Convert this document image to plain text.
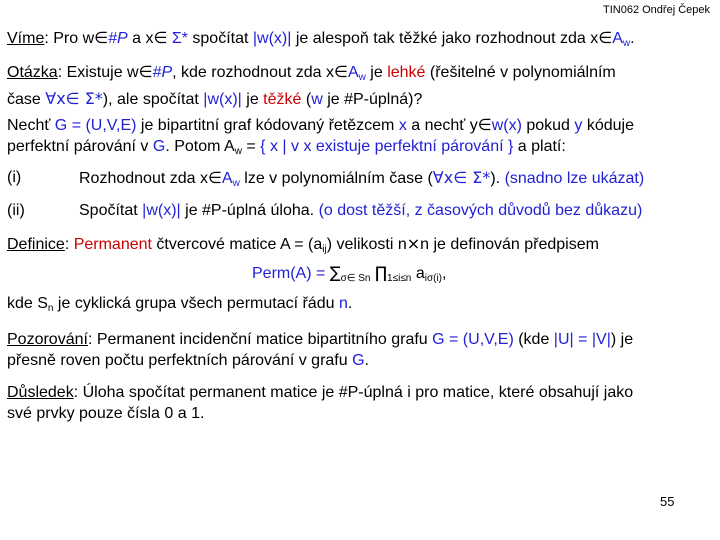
TIN062 Ondřej Čepek
Víme: Pro w∈#P a x∈ Σ* spočítat |w(x)| je alespoň tak těžké jako rozhodnout zda $x\in A_w$.
Otázka: Existuje w∈#P, kde rozhodnout zda $x\in A_w$ je lehké (řešitelné v polynomiálním
čase ∀x∈ Σ*), ale spočítat |w(x)| je těžké (w je #P-úplná)?
Nechť G = (U,V,E) je bipartitní graf kódovaný řetězcem x a nechť y∈w(x) pokud y kóduje
perfektní párování v G. Potom $A_w$ = { x | v x existuje perfektní párování } a platí:
(i)	Rozhodnout zda $x\in A_w$ lze v polynomiálním čase (∀x∈ Σ*). (snadno lze ukázat)
(ii)	Spočítat |w(x)| je #P-úplná úloha. (o dost těžší, z časových důvodů bez důkazu)
Definice: Permanent čtvercové matice $A = (a_{ij})$ velikosti n×n je definován předpisem
Perm(A) = $\sum_{\sigma\in Sn}$ $\prod_{1\le i\le n}$ $a_{i\sigma(i)}$,
kde $S_n$ je cyklická grupa všech permutací řádu n.
Pozorování: Permanent incidenční matice bipartitního grafu G = (U,V,E) (kde |U| = |V|) je
přesně roven počtu perfektních párování v grafu G.
Důsledek: Úloha spočítat permanent matice je #P-úplná i pro matice, které obsahují jako
své prvky pouze čísla 0 a 1.
55
